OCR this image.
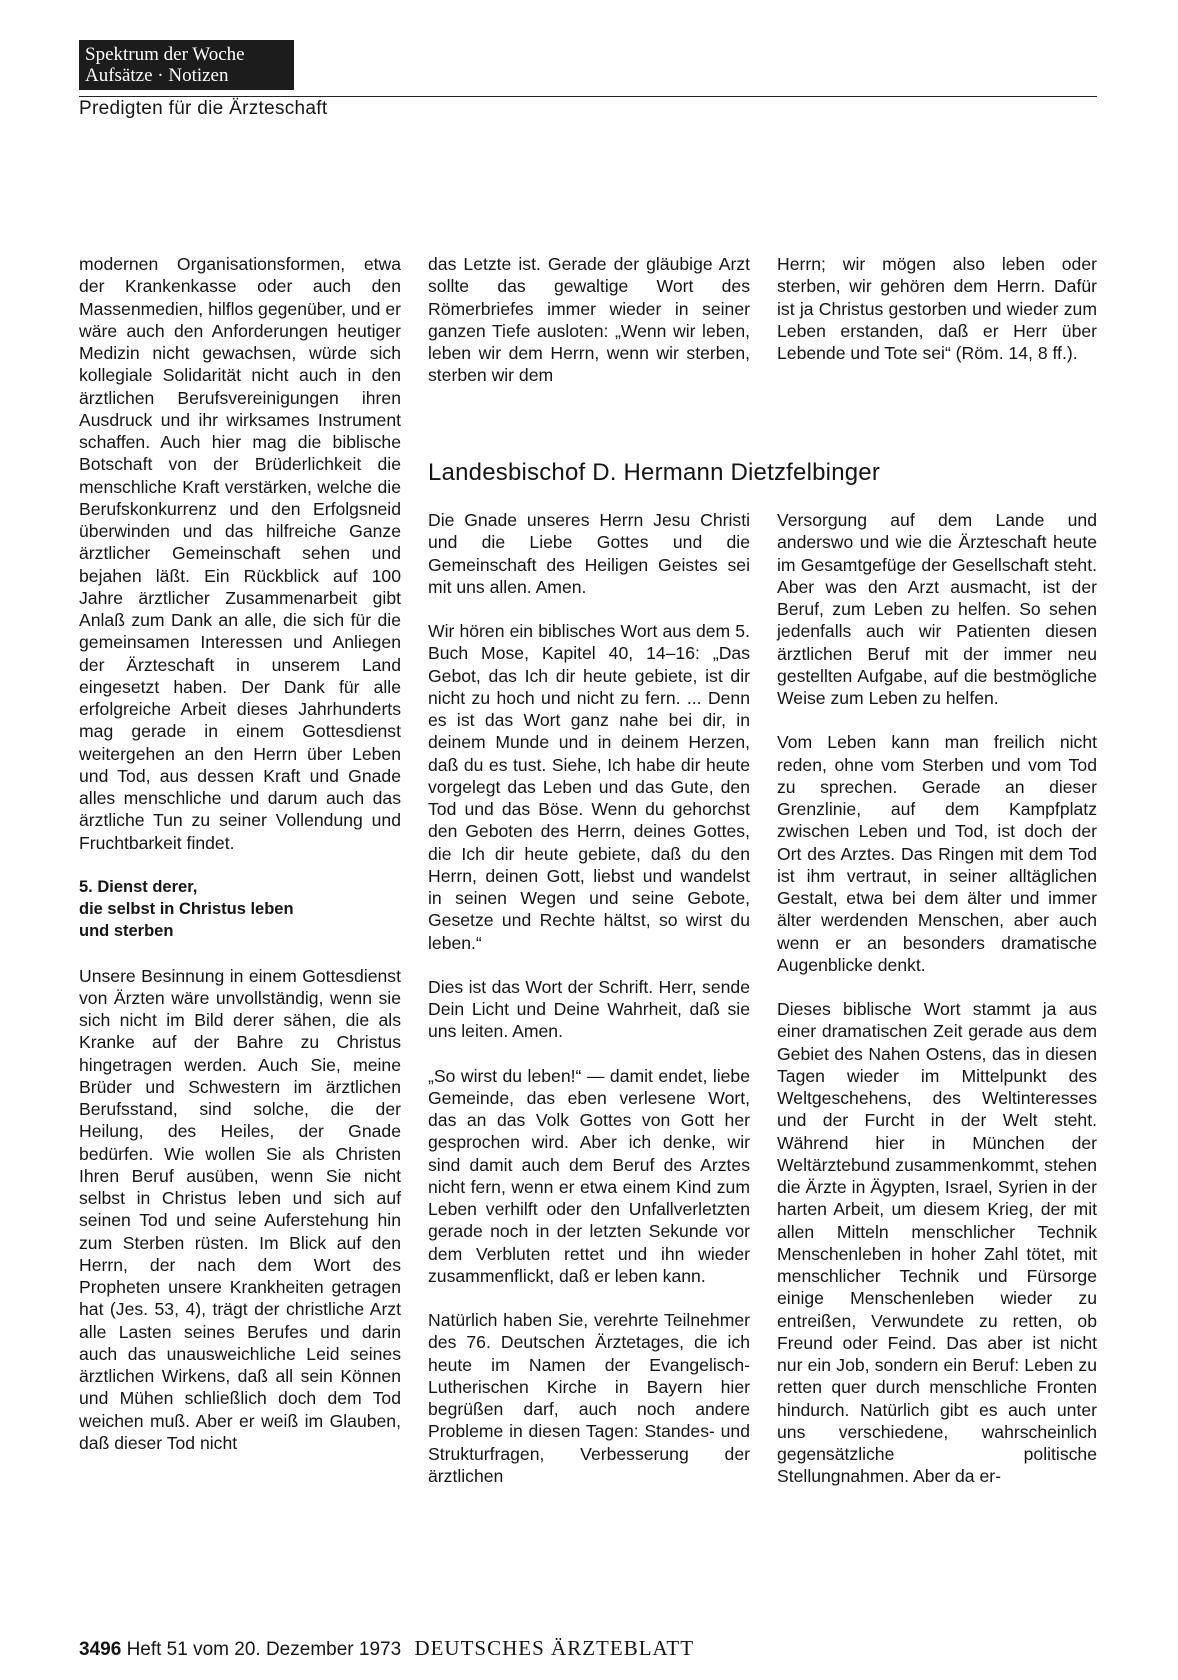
Spektrum der Woche
Aufsätze · Notizen
Predigten für die Ärzteschaft

modernen Organisationsformen, etwa der Krankenkasse oder auch den Massenmedien, hilflos gegenüber, und er wäre auch den Anforderungen heutiger Medizin nicht gewachsen, würde sich kollegiale Solidarität nicht auch in den ärztlichen Berufsvereinigungen ihren Ausdruck und ihr wirksames Instrument schaffen. Auch hier mag die biblische Botschaft von der Brüderlichkeit die menschliche Kraft verstärken, welche die Berufskonkurrenz und den Erfolgsneid überwinden und das hilfreiche Ganze ärztlicher Gemeinschaft sehen und bejahen läßt. Ein Rückblick auf 100 Jahre ärztlicher Zusammenarbeit gibt Anlaß zum Dank an alle, die sich für die gemeinsamen Interessen und Anliegen der Ärzteschaft in unserem Land eingesetzt haben. Der Dank für alle erfolgreiche Arbeit dieses Jahrhunderts mag gerade in einem Gottesdienst weitergehen an den Herrn über Leben und Tod, aus dessen Kraft und Gnade alles menschliche und darum auch das ärztliche Tun zu seiner Vollendung und Fruchtbarkeit findet.

5. Dienst derer,
die selbst in Christus leben
und sterben

Unsere Besinnung in einem Gottesdienst von Ärzten wäre unvollständig, wenn sie sich nicht im Bild derer sähen, die als Kranke auf der Bahre zu Christus hingetragen werden. Auch Sie, meine Brüder und Schwestern im ärztlichen Berufsstand, sind solche, die der Heilung, des Heiles, der Gnade bedürfen. Wie wollen Sie als Christen Ihren Beruf ausüben, wenn Sie nicht selbst in Christus leben und sich auf seinen Tod und seine Auferstehung hin zum Sterben rüsten. Im Blick auf den Herrn, der nach dem Wort des Propheten unsere Krankheiten getragen hat (Jes. 53, 4), trägt der christliche Arzt alle Lasten seines Berufes und darin auch das unausweichliche Leid seines ärztlichen Wirkens, daß all sein Können und Mühen schließlich doch dem Tod weichen muß. Aber er weiß im Glauben, daß dieser Tod nicht

das Letzte ist. Gerade der gläubige Arzt sollte das gewaltige Wort des Römerbriefes immer wieder in seiner ganzen Tiefe ausloten: „Wenn wir leben, leben wir dem Herrn, wenn wir sterben, sterben wir dem

Herrn; wir mögen also leben oder sterben, wir gehören dem Herrn. Dafür ist ja Christus gestorben und wieder zum Leben erstanden, daß er Herr über Lebende und Tote sei“ (Röm. 14, 8 ff.).

Landesbischof D. Hermann Dietzfelbinger

Die Gnade unseres Herrn Jesu Christi und die Liebe Gottes und die Gemeinschaft des Heiligen Geistes sei mit uns allen. Amen.

Wir hören ein biblisches Wort aus dem 5. Buch Mose, Kapitel 40, 14–16: „Das Gebot, das Ich dir heute gebiete, ist dir nicht zu hoch und nicht zu fern. ... Denn es ist das Wort ganz nahe bei dir, in deinem Munde und in deinem Herzen, daß du es tust. Siehe, Ich habe dir heute vorgelegt das Leben und das Gute, den Tod und das Böse. Wenn du gehorchst den Geboten des Herrn, deines Gottes, die Ich dir heute gebiete, daß du den Herrn, deinen Gott, liebst und wandelst in seinen Wegen und seine Gebote, Gesetze und Rechte hältst, so wirst du leben.“

Dies ist das Wort der Schrift. Herr, sende Dein Licht und Deine Wahrheit, daß sie uns leiten. Amen.

„So wirst du leben!“ — damit endet, liebe Gemeinde, das eben verlesene Wort, das an das Volk Gottes von Gott her gesprochen wird. Aber ich denke, wir sind damit auch dem Beruf des Arztes nicht fern, wenn er etwa einem Kind zum Leben verhilft oder den Unfallverletzten gerade noch in der letzten Sekunde vor dem Verbluten rettet und ihn wieder zusammenflickt, daß er leben kann.

Natürlich haben Sie, verehrte Teilnehmer des 76. Deutschen Ärztetages, die ich heute im Namen der Evangelisch-Lutherischen Kirche in Bayern hier begrüßen darf, auch noch andere Probleme in diesen Tagen: Standes- und Strukturfragen, Verbesserung der ärztlichen

Versorgung auf dem Lande und anderswo und wie die Ärzteschaft heute im Gesamtgefüge der Gesellschaft steht. Aber was den Arzt ausmacht, ist der Beruf, zum Leben zu helfen. So sehen jedenfalls auch wir Patienten diesen ärztlichen Beruf mit der immer neu gestellten Aufgabe, auf die bestmögliche Weise zum Leben zu helfen.

Vom Leben kann man freilich nicht reden, ohne vom Sterben und vom Tod zu sprechen. Gerade an dieser Grenzlinie, auf dem Kampfplatz zwischen Leben und Tod, ist doch der Ort des Arztes. Das Ringen mit dem Tod ist ihm vertraut, in seiner alltäglichen Gestalt, etwa bei dem älter und immer älter werdenden Menschen, aber auch wenn er an besonders dramatische Augenblicke denkt.

Dieses biblische Wort stammt ja aus einer dramatischen Zeit gerade aus dem Gebiet des Nahen Ostens, das in diesen Tagen wieder im Mittelpunkt des Weltgeschehens, des Weltinteresses und der Furcht in der Welt steht. Während hier in München der Weltärztebund zusammenkommt, stehen die Ärzte in Ägypten, Israel, Syrien in der harten Arbeit, um diesem Krieg, der mit allen Mitteln menschlicher Technik Menschenleben in hoher Zahl tötet, mit menschlicher Technik und Fürsorge einige Menschenleben wieder zu entreißen, Verwundete zu retten, ob Freund oder Feind. Das aber ist nicht nur ein Job, sondern ein Beruf: Leben zu retten quer durch menschliche Fronten hindurch. Natürlich gibt es auch unter uns verschiedene, wahrscheinlich gegensätzliche politische Stellungnahmen. Aber da er-

3496 Heft 51 vom 20. Dezember 1973 DEUTSCHES ÄRZTEBLATT
